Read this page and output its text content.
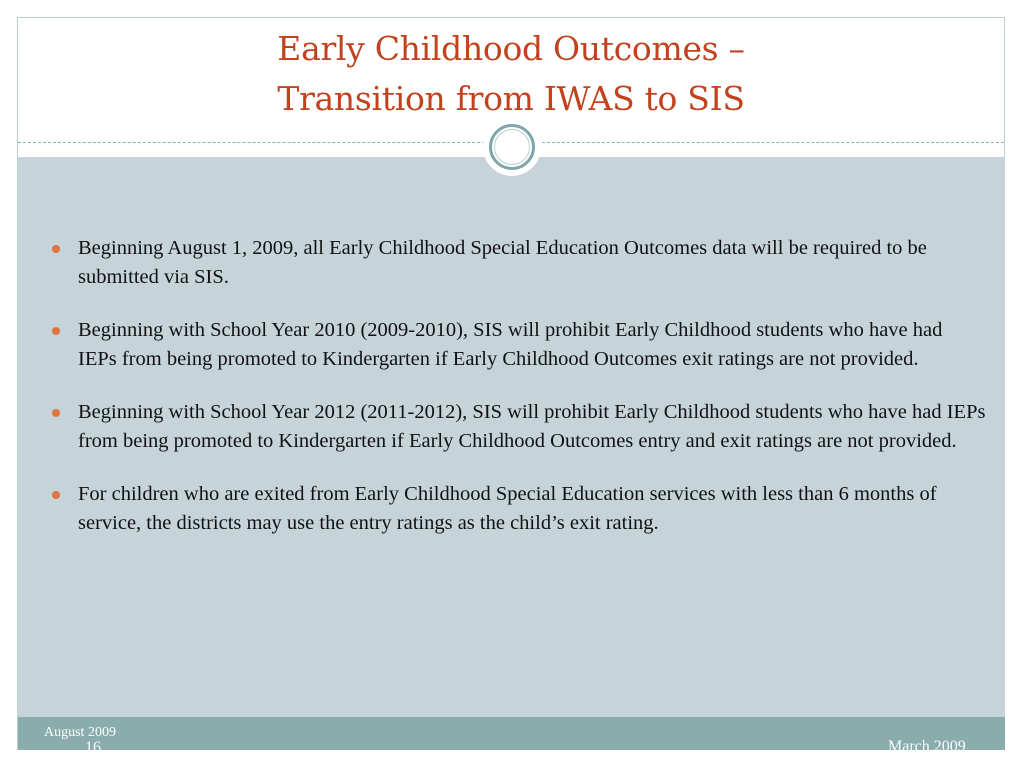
Early Childhood Outcomes –
Transition from IWAS to SIS
Beginning August 1, 2009, all Early Childhood Special Education Outcomes data will be required to be submitted via SIS.
Beginning with School Year 2010 (2009-2010), SIS will prohibit Early Childhood students who have had IEPs from being promoted to Kindergarten if Early Childhood Outcomes exit ratings are not provided.
Beginning with School Year 2012 (2011-2012), SIS will prohibit Early Childhood students who have had IEPs from being promoted to Kindergarten if Early Childhood Outcomes entry and exit ratings are not provided.
For children who are exited from Early Childhood Special Education services with less than 6 months of service, the districts may use the entry ratings as the child’s exit rating.
August 2009
16	March 2009
